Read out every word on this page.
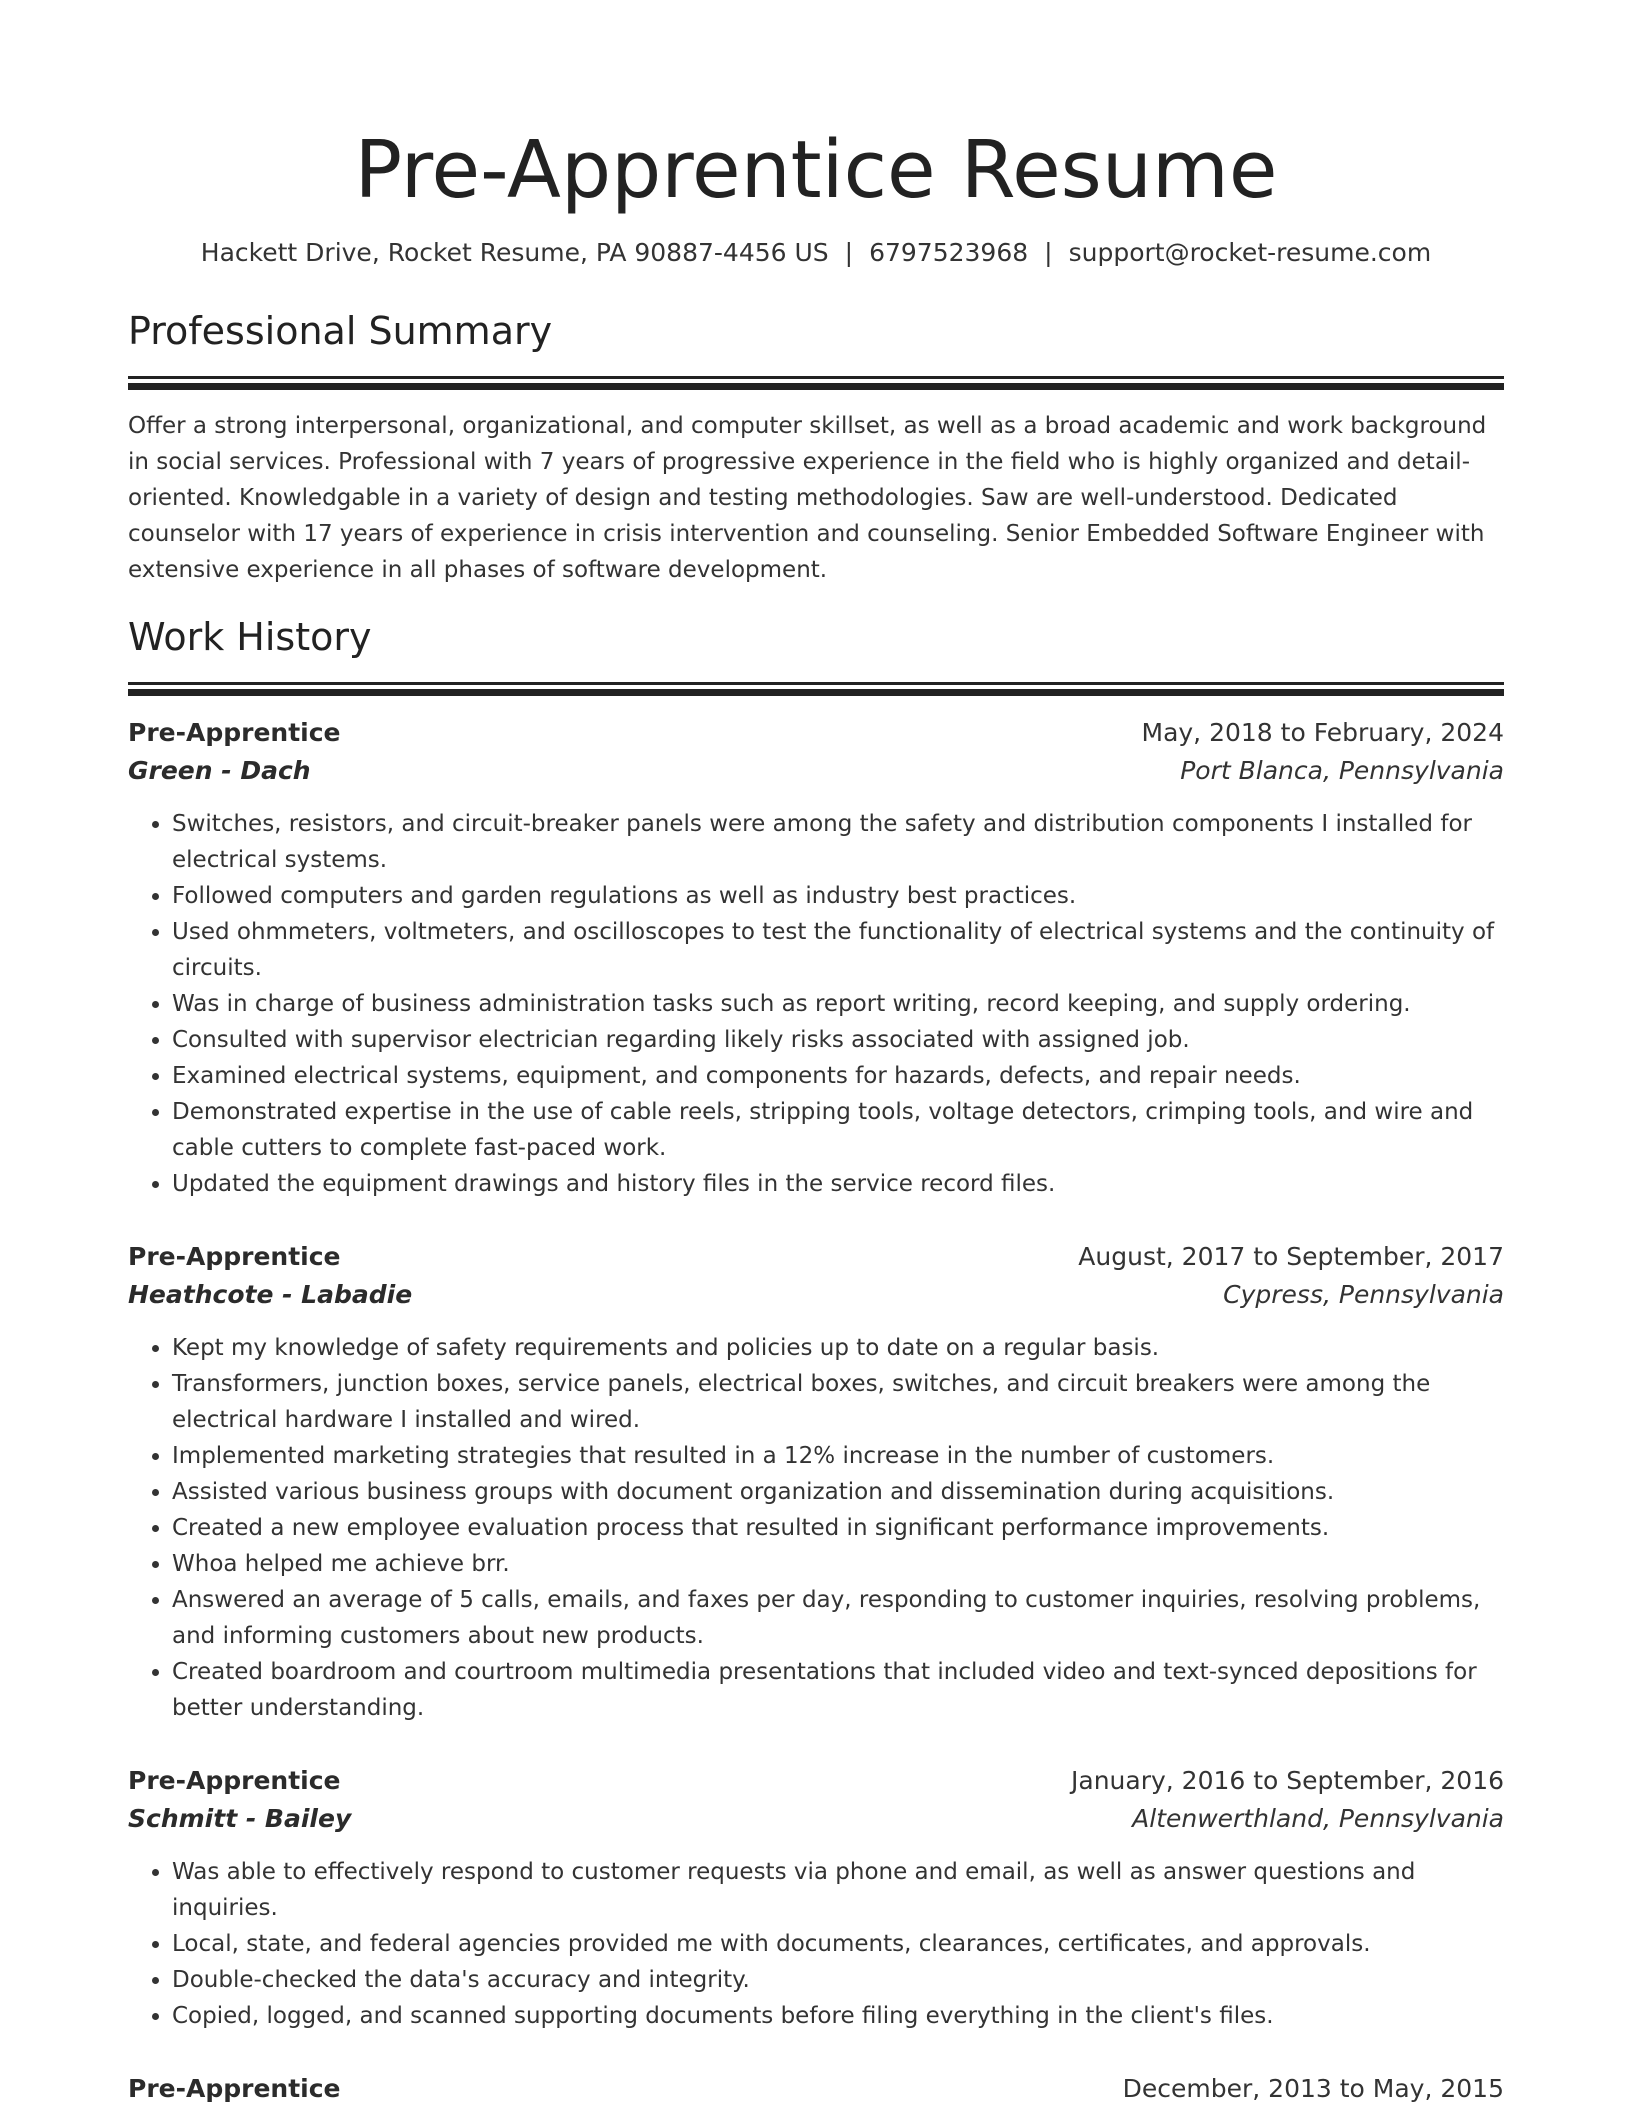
Pre-Apprentice Resume
Hackett Drive, Rocket Resume, PA 90887-4456 US | 6797523968 | support@rocket-resume.com
Professional Summary

Offer a strong interpersonal, organizational, and computer skillset, as well as a broad academic and work background in social services. Professional with 7 years of progressive experience in the field who is highly organized and detail-oriented. Knowledgable in a variety of design and testing methodologies. Saw are well-understood. Dedicated counselor with 17 years of experience in crisis intervention and counseling. Senior Embedded Software Engineer with extensive experience in all phases of software development.

Work History
Pre-Apprentice	May, 2018 to February, 2024
Green - Dach	Port Blanca, Pennsylvania
• Switches, resistors, and circuit-breaker panels were among the safety and distribution components I installed for electrical systems.
• Followed computers and garden regulations as well as industry best practices.
• Used ohmmeters, voltmeters, and oscilloscopes to test the functionality of electrical systems and the continuity of circuits.
• Was in charge of business administration tasks such as report writing, record keeping, and supply ordering.
• Consulted with supervisor electrician regarding likely risks associated with assigned job.
• Examined electrical systems, equipment, and components for hazards, defects, and repair needs.
• Demonstrated expertise in the use of cable reels, stripping tools, voltage detectors, crimping tools, and wire and cable cutters to complete fast-paced work.
• Updated the equipment drawings and history files in the service record files.
Pre-Apprentice	August, 2017 to September, 2017
Heathcote - Labadie	Cypress, Pennsylvania
• Kept my knowledge of safety requirements and policies up to date on a regular basis.
• Transformers, junction boxes, service panels, electrical boxes, switches, and circuit breakers were among the electrical hardware I installed and wired.
• Implemented marketing strategies that resulted in a 12% increase in the number of customers.
• Assisted various business groups with document organization and dissemination during acquisitions.
• Created a new employee evaluation process that resulted in significant performance improvements.
• Whoa helped me achieve brr.
• Answered an average of 5 calls, emails, and faxes per day, responding to customer inquiries, resolving problems, and informing customers about new products.
• Created boardroom and courtroom multimedia presentations that included video and text-synced depositions for better understanding.
Pre-Apprentice	January, 2016 to September, 2016
Schmitt - Bailey	Altenwerthland, Pennsylvania
• Was able to effectively respond to customer requests via phone and email, as well as answer questions and inquiries.
• Local, state, and federal agencies provided me with documents, clearances, certificates, and approvals.
• Double-checked the data's accuracy and integrity.
• Copied, logged, and scanned supporting documents before filing everything in the client's files.
Pre-Apprentice	December, 2013 to May, 2015
